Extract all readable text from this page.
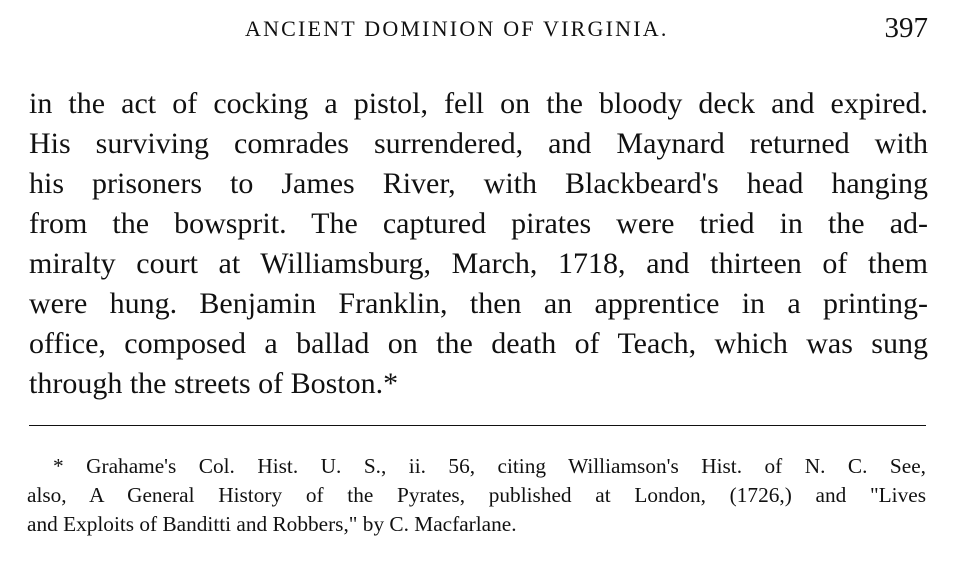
ANCIENT DOMINION OF VIRGINIA.	397
in the act of cocking a pistol, fell on the bloody deck and expired.
His surviving comrades surrendered, and Maynard returned with
his prisoners to James River, with Blackbeard's head hanging
from the bowsprit. The captured pirates were tried in the ad-
miralty court at Williamsburg, March, 1718, and thirteen of them
were hung. Benjamin Franklin, then an apprentice in a printing-
office, composed a ballad on the death of Teach, which was sung
through the streets of Boston.*
* Grahame's Col. Hist. U. S., ii. 56, citing Williamson's Hist. of N. C. See,
also, A General History of the Pyrates, published at London, (1726,) and "Lives
and Exploits of Banditti and Robbers," by C. Macfarlane.
